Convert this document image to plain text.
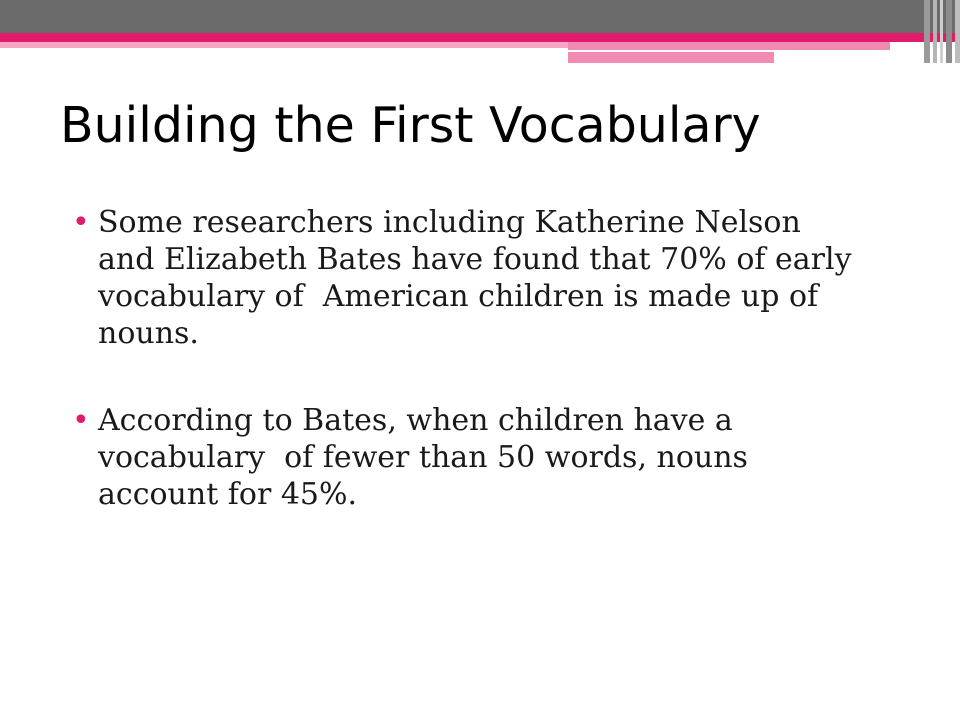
Building the First Vocabulary
• Some researchers including Katherine Nelson
and Elizabeth Bates have found that 70% of early
vocabulary of  American children is made up of
nouns.
• According to Bates, when children have a
vocabulary  of fewer than 50 words, nouns
account for 45%.
